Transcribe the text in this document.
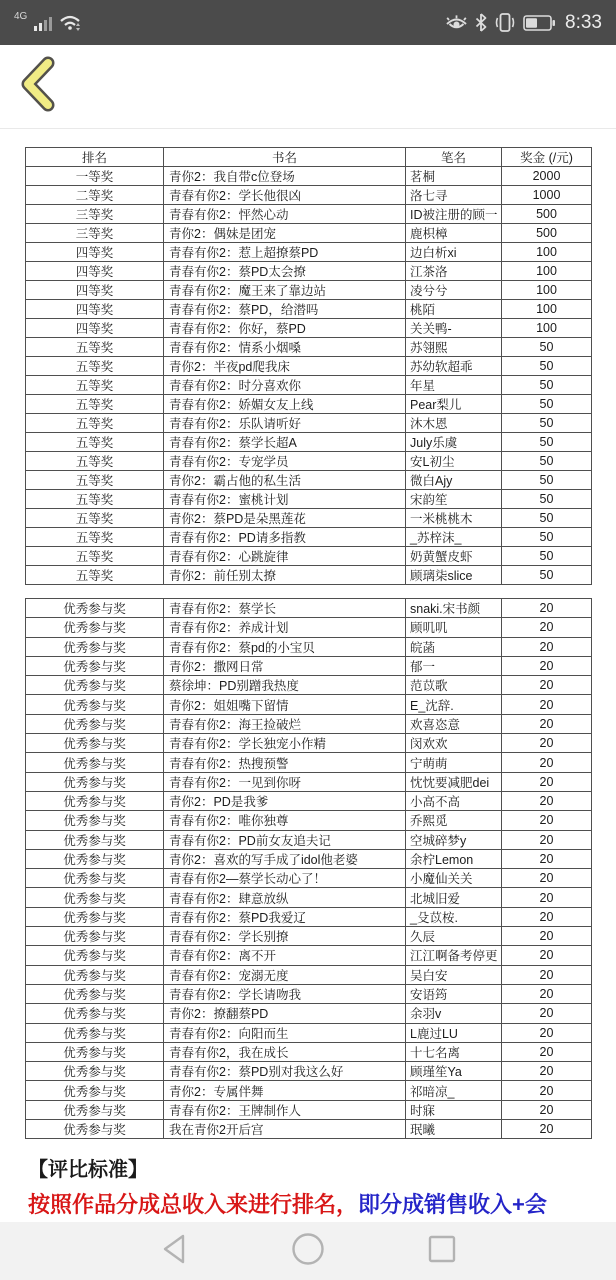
4G	8:33
排名	书名	笔名	奖金 (/元)
一等奖	青你2：我自带c位登场	茗桐	2000
二等奖	青春有你2：学长他很凶	洛七寻	1000
三等奖	青春有你2：怦然心动	ID被注册的顾一	500
三等奖	青你2：偶妹是团宠	鹿枳樟	500
四等奖	青春有你2：惹上超撩蔡PD	边白析xi	100
四等奖	青春有你2：蔡PD太会撩	江茶洛	100
四等奖	青春有你2：魔王来了靠边站	凌兮兮	100
四等奖	青春有你2：蔡PD，给潜吗	桃陌	100
四等奖	青春有你2：你好，蔡PD	关关鸭-	100
五等奖	青春有你2：情系小烟嗓	苏翎熙	50
五等奖	青你2：半夜pd爬我床	苏幼软超乖	50
五等奖	青春有你2：时分喜欢你	年星	50
五等奖	青春有你2：娇媚女友上线	Pear梨儿	50
五等奖	青春有你2：乐队请听好	沐木恩	50
五等奖	青春有你2：蔡学长超A	July乐虞	50
五等奖	青春有你2：专宠学员	安L初尘	50
五等奖	青你2：霸占他的私生活	微白Ajy	50
五等奖	青春有你2：蜜桃计划	宋韵笙	50
五等奖	青你2：蔡PD是朵黑莲花	一米桃桃木	50
五等奖	青春有你2：PD请多指教	_苏梓沫_	50
五等奖	青春有你2：心跳旋律	奶黄蟹皮虾	50
五等奖	青你2：前任别太撩	顾璃柒slice	50
优秀参与奖	青春有你2：蔡学长	snaki.宋书颜	20
优秀参与奖	青春有你2：养成计划	顾叽叽	20
优秀参与奖	青春有你2：蔡pd的小宝贝	皖菡	20
优秀参与奖	青你2：撒网日常	郁一	20
优秀参与奖	蔡徐坤：PD别蹭我热度	范苡歌	20
优秀参与奖	青你2：姐姐嘴下留情	E_沈辞.	20
优秀参与奖	青春有你2：海王捡破烂	欢喜恣意	20
优秀参与奖	青春有你2：学长独宠小作精	闵欢欢	20
优秀参与奖	青春有你2：热搜预警	宁萌萌	20
优秀参与奖	青春有你2：一见到你呀	忱忱要减肥dei	20
优秀参与奖	青你2：PD是我爹	小高不高	20
优秀参与奖	青春有你2：唯你独尊	乔熙觅	20
优秀参与奖	青春有你2：PD前女友追夫记	空城碎梦y	20
优秀参与奖	青你2：喜欢的写手成了idol他老婆	余柠Lemon	20
优秀参与奖	青春有你2—蔡学长动心了！	小魔仙关关	20
优秀参与奖	青春有你2：肆意放纵	北城旧爱	20
优秀参与奖	青春有你2：蔡PD我爱辽	_殳苡桉.	20
优秀参与奖	青春有你2：学长别撩	久辰	20
优秀参与奖	青春有你2：离不开	江江啊备考停更	20
优秀参与奖	青春有你2：宠溺无度	吴白安	20
优秀参与奖	青春有你2：学长请吻我	安语筠	20
优秀参与奖	青你2：撩翻蔡PD	余羽v	20
优秀参与奖	青春有你2：向阳而生	L鹿过LU	20
优秀参与奖	青春有你2，我在成长	十七名离	20
优秀参与奖	青春有你2：蔡PD别对我这么好	顾瑾笙Ya	20
优秀参与奖	青你2：专属伴舞	祁暗凉_	20
优秀参与奖	青春有你2：王牌制作人	时寐	20
优秀参与奖	我在青你2开后宫	珉曦	20
【评比标准】
按照作品分成总收入来进行排名，即分成销售收入+会
